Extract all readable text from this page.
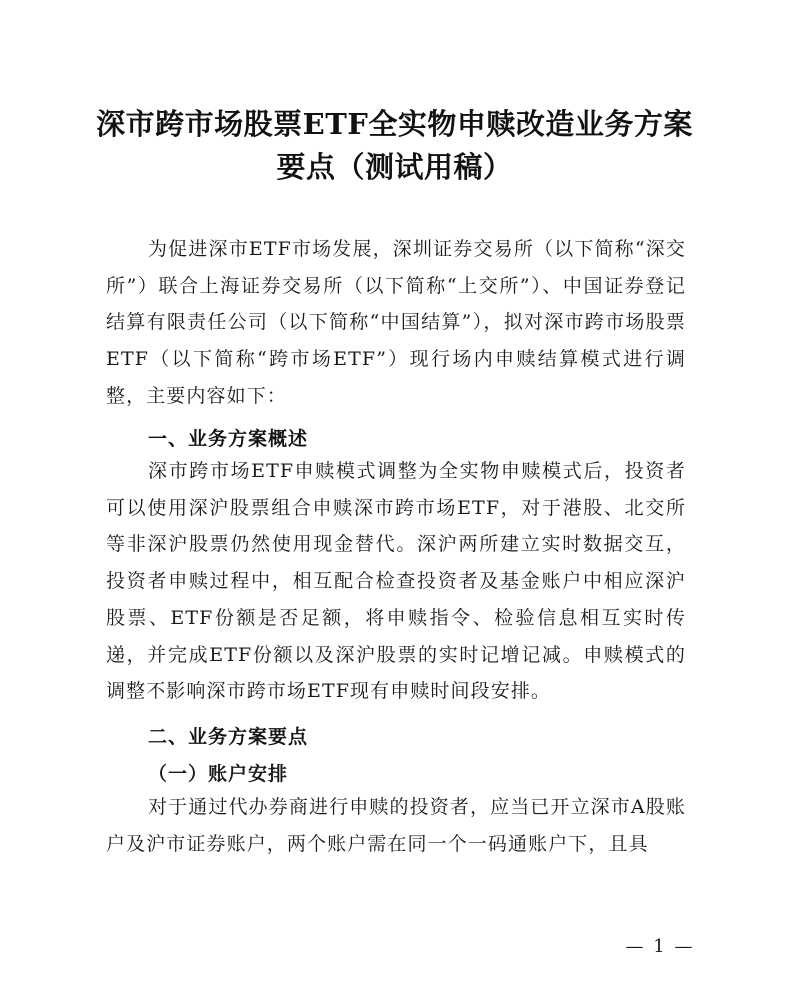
深市跨市场股票ETF全实物申赎改造业务方案
要点（测试用稿）

为促进深市ETF市场发展，深圳证券交易所（以下简称“深交所”）联合上海证券交易所（以下简称“上交所”）、中国证券登记结算有限责任公司（以下简称“中国结算”），拟对深市跨市场股票ETF（以下简称“跨市场ETF”）现行场内申赎结算模式进行调整，主要内容如下：

一、业务方案概述

深市跨市场ETF申赎模式调整为全实物申赎模式后，投资者可以使用深沪股票组合申赎深市跨市场ETF，对于港股、北交所等非深沪股票仍然使用现金替代。深沪两所建立实时数据交互，投资者申赎过程中，相互配合检查投资者及基金账户中相应深沪股票、ETF份额是否足额，将申赎指令、检验信息相互实时传递，并完成ETF份额以及深沪股票的实时记增记减。申赎模式的调整不影响深市跨市场ETF现有申赎时间段安排。

二、业务方案要点
（一）账户安排

对于通过代办券商进行申赎的投资者，应当已开立深市A股账户及沪市证券账户，两个账户需在同一个一码通账户下，且具

— 1 —
